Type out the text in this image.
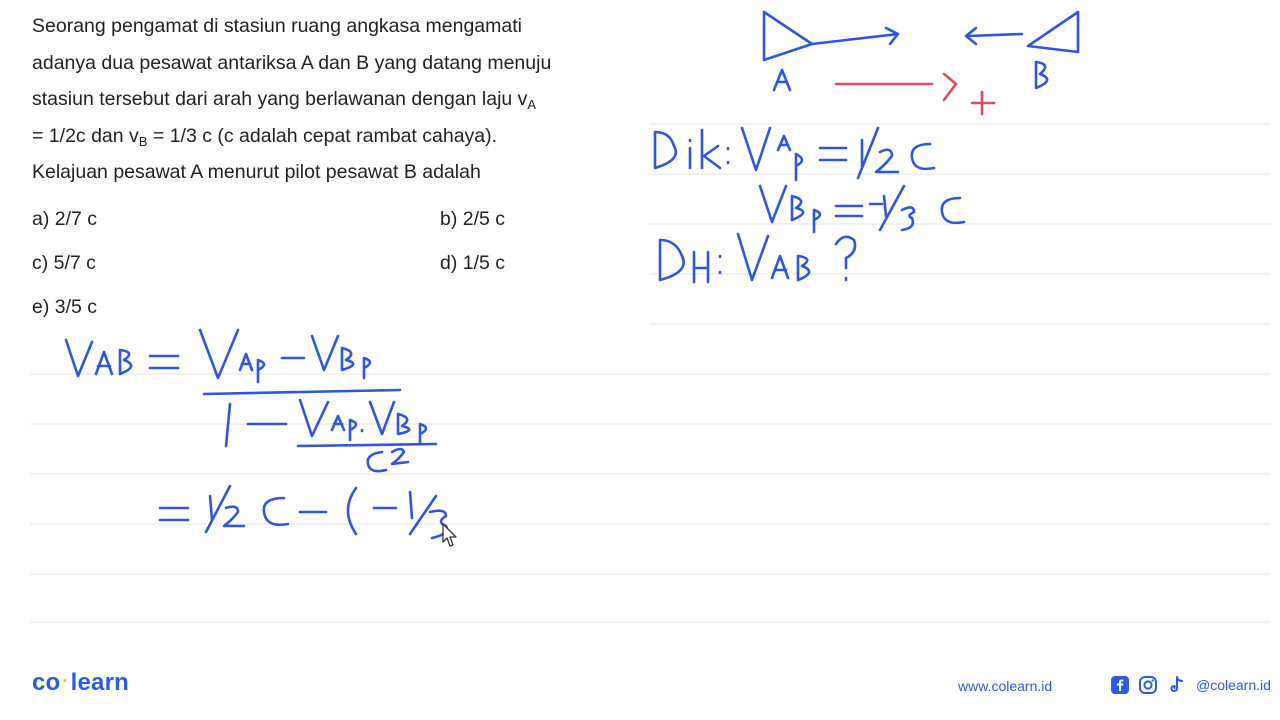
Seorang pengamat di stasiun ruang angkasa mengamati
adanya dua pesawat antariksa A dan B yang datang menuju
stasiun tersebut dari arah yang berlawanan dengan laju $v_A$
= 1/2c dan $v_B = 1/3$ c (c adalah cepat rambat cahaya).
Kelajuan pesawat A menurut pilot pesawat B adalah
a) 2/7 c	b) 2/5 c
c) 5/7 c	d) 1/5 c
e) 3/5 c
co ·learn	www.colearn.id	@colearn.id
